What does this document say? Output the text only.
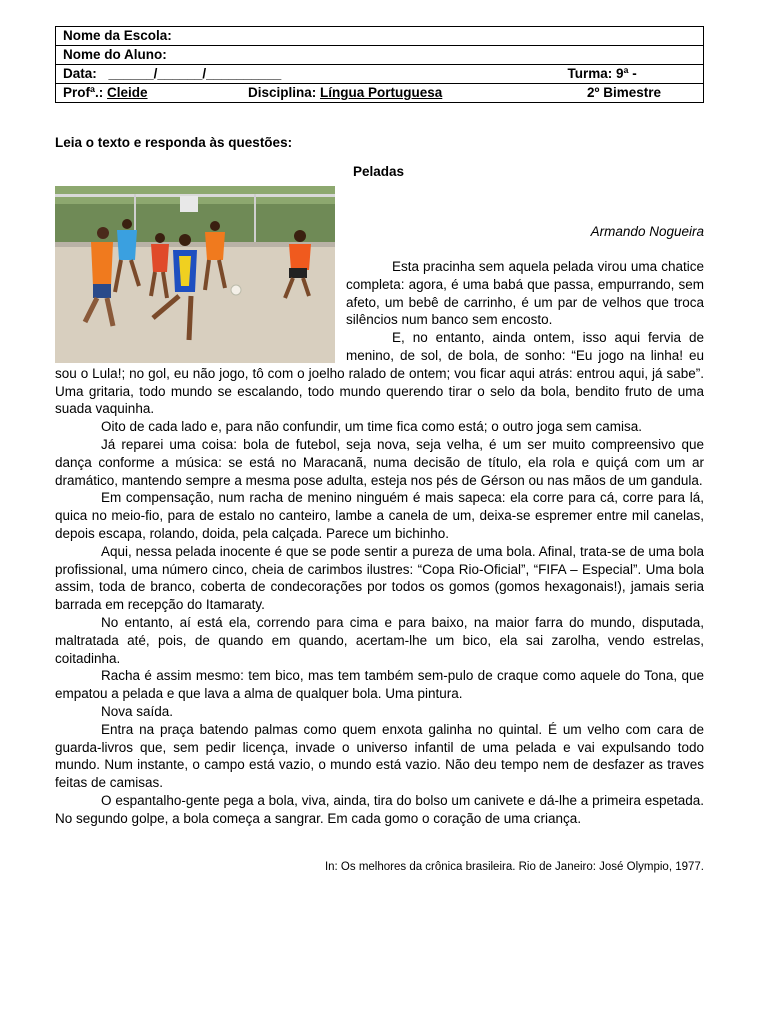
Nome da Escola:
Nome do Aluno:
Data: ______/______/__________	Turma: 9ª -

Profª.: Cleide	Disciplina: Língua Portuguesa	2º Bimestre
Leia o texto e responda às questões:
Peladas
Armando Nogueira

Esta pracinha sem aquela pelada virou uma chatice completa: agora, é uma babá que passa, empurrando, sem afeto, um bebê de carrinho, é um par de velhos que troca silêncios num banco sem encosto.

E, no entanto, ainda ontem, isso aqui fervia de menino, de sol, de bola, de sonho: “Eu jogo na linha! eu sou o Lula!; no gol, eu não jogo, tô com o joelho ralado de ontem; vou ficar aqui atrás: entrou aqui, já sabe”. Uma gritaria, todo mundo se escalando, todo mundo querendo tirar o selo da bola, bendito fruto de uma suada vaquinha.

Oito de cada lado e, para não confundir, um time fica como está; o outro joga sem camisa.

Já reparei uma coisa: bola de futebol, seja nova, seja velha, é um ser muito compreensivo que dança conforme a música: se está no Maracanã, numa decisão de título, ela rola e quiçá com um ar dramático, mantendo sempre a mesma pose adulta, esteja nos pés de Gérson ou nas mãos de um gandula.

Em compensação, num racha de menino ninguém é mais sapeca: ela corre para cá, corre para lá, quica no meio-fio, para de estalo no canteiro, lambe a canela de um, deixa-se espremer entre mil canelas, depois escapa, rolando, doida, pela calçada. Parece um bichinho.

Aqui, nessa pelada inocente é que se pode sentir a pureza de uma bola. Afinal, trata-se de uma bola profissional, uma número cinco, cheia de carimbos ilustres: “Copa Rio-Oficial”, “FIFA – Especial”. Uma bola assim, toda de branco, coberta de condecorações por todos os gomos (gomos hexagonais!), jamais seria barrada em recepção do Itamaraty.

No entanto, aí está ela, correndo para cima e para baixo, na maior farra do mundo, disputada, maltratada até, pois, de quando em quando, acertam-lhe um bico, ela sai zarolha, vendo estrelas, coitadinha.

Racha é assim mesmo: tem bico, mas tem também sem-pulo de craque como aquele do Tona, que empatou a pelada e que lava a alma de qualquer bola. Uma pintura.

Nova saída.

Entra na praça batendo palmas como quem enxota galinha no quintal. É um velho com cara de guarda-livros que, sem pedir licença, invade o universo infantil de uma pelada e vai expulsando todo mundo. Num instante, o campo está vazio, o mundo está vazio. Não deu tempo nem de desfazer as traves feitas de camisas.

O espantalho-gente pega a bola, viva, ainda, tira do bolso um canivete e dá-lhe a primeira espetada. No segundo golpe, a bola começa a sangrar. Em cada gomo o coração de uma criança.

In: Os melhores da crônica brasileira. Rio de Janeiro: José Olympio, 1977.
